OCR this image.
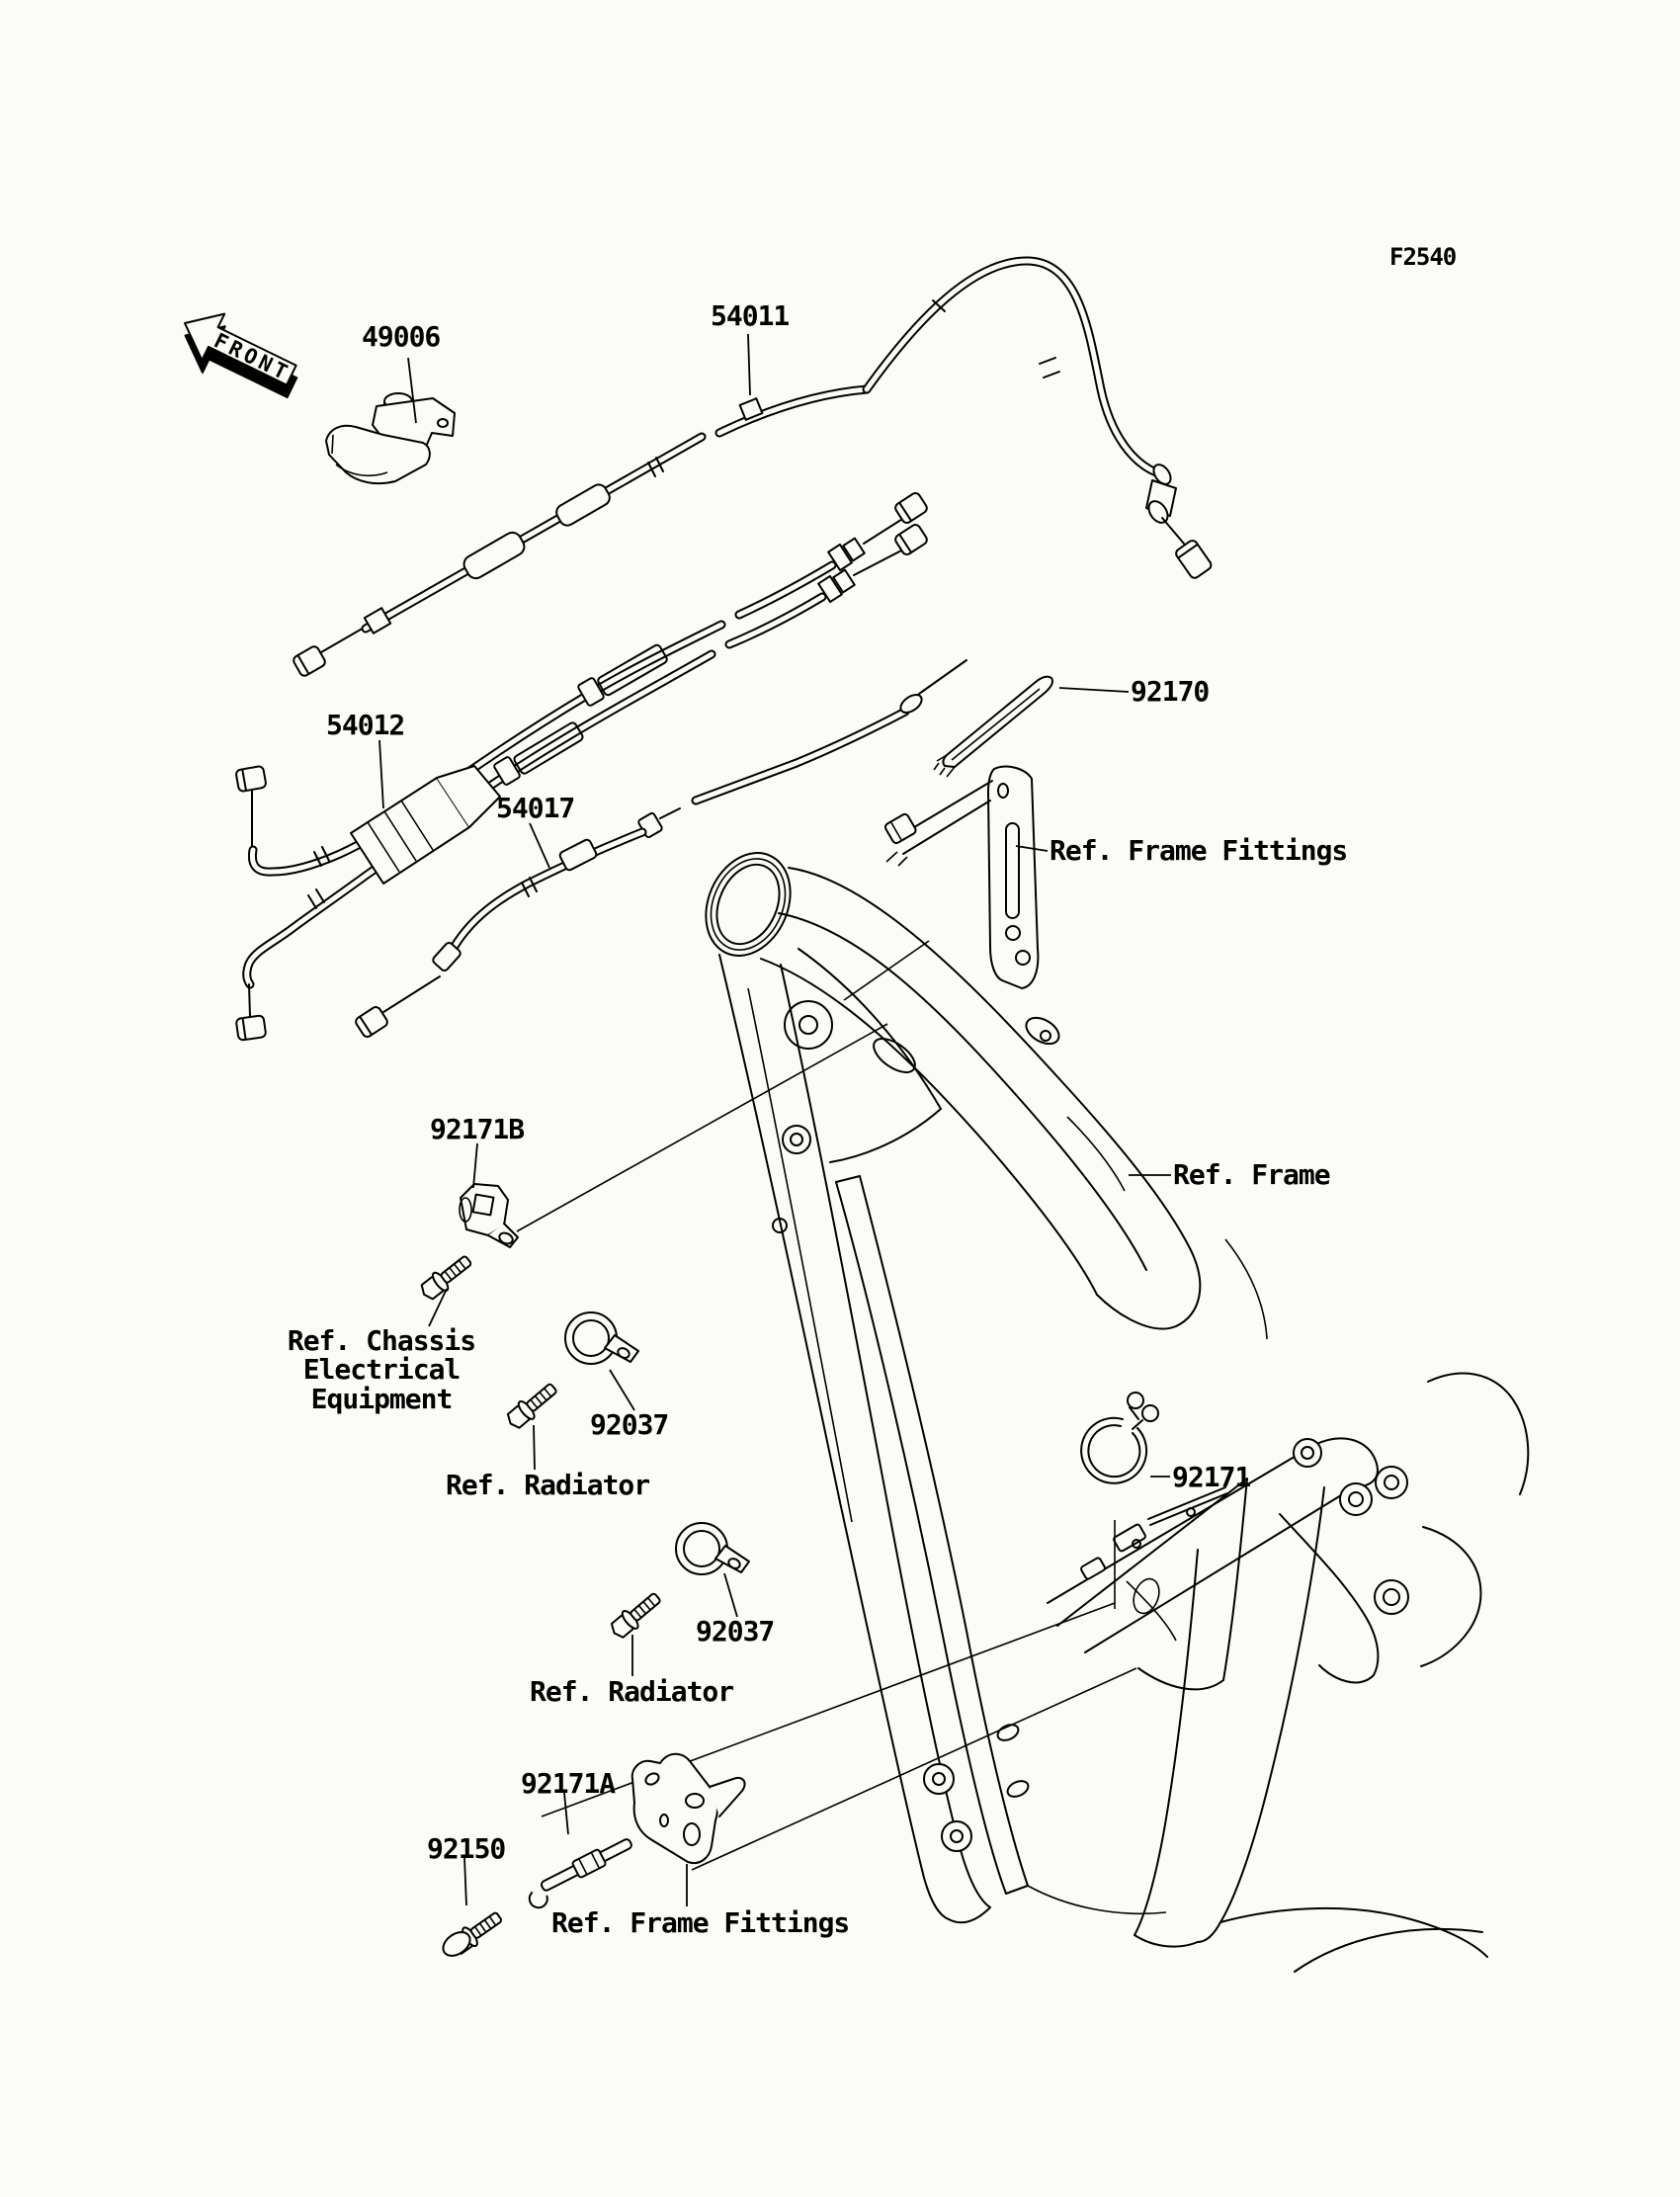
FRONT
F2540
49006
54011
54012
54017
92170
Ref. Frame Fittings
Ref. Frame
92171B
Ref. Chassis Electrical
Equipment
92037
Ref. Radiator
92037
Ref. Radiator
92171
92171A
92150
Ref. Frame Fittings
